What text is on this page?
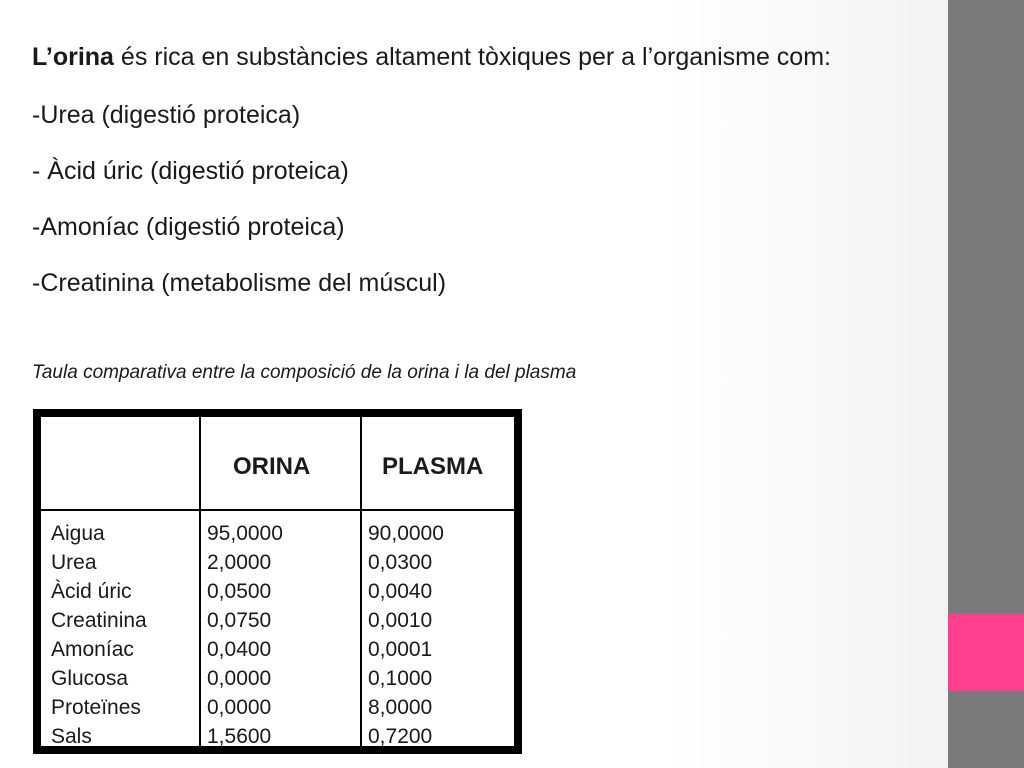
L’orina és rica en substàncies altament tòxiques per a l’organisme com:
-Urea (digestió proteica)
- Àcid úric (digestió proteica)
-Amoníac (digestió proteica)
-Creatinina (metabolisme del múscul)
Taula comparativa entre la composició de la orina i la del plasma
ORINA	PLASMA
Aigua
Urea
Àcid úric
Creatinina
Amoníac
Glucosa
Proteïnes
Sals
95,0000
2,0000
0,0500
0,0750
0,0400
0,0000
0,0000
1,5600
90,0000
0,0300
0,0040
0,0010
0,0001
0,1000
8,0000
0,7200
